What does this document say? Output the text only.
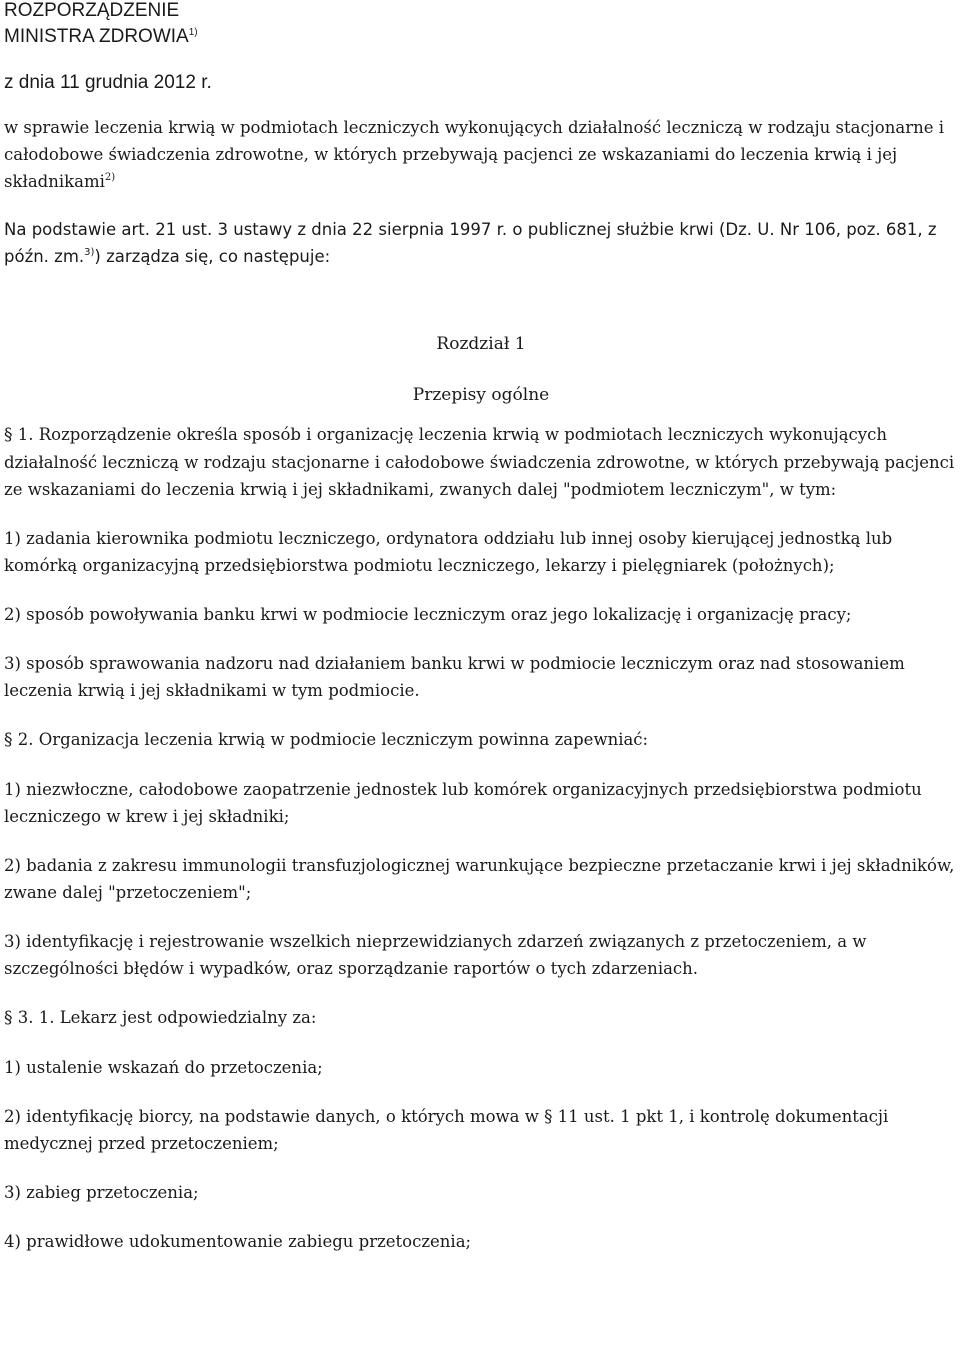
ROZPORZĄDZENIE

MINISTRA ZDROWIA$^{1)}$

z dnia 11 grudnia 2012 r.

w sprawie leczenia krwią w podmiotach leczniczych wykonujących działalność leczniczą w rodzaju stacjonarne i całodobowe świadczenia zdrowotne, w których przebywają pacjenci ze wskazaniami do leczenia krwią i jej składnikami$^{2)}$

Na podstawie art. 21 ust. 3 ustawy z dnia 22 sierpnia 1997 r. o publicznej służbie krwi (Dz. U. Nr 106, poz. 681, z późn. zm.$^{3)}$) zarządza się, co następuje:

Rozdział 1

Przepisy ogólne

§ 1. Rozporządzenie określa sposób i organizację leczenia krwią w podmiotach leczniczych wykonujących działalność leczniczą w rodzaju stacjonarne i całodobowe świadczenia zdrowotne, w których przebywają pacjenci ze wskazaniami do leczenia krwią i jej składnikami, zwanych dalej "podmiotem leczniczym", w tym:

1) zadania kierownika podmiotu leczniczego, ordynatora oddziału lub innej osoby kierującej jednostką lub komórką organizacyjną przedsiębiorstwa podmiotu leczniczego, lekarzy i pielęgniarek (położnych);

2) sposób powoływania banku krwi w podmiocie leczniczym oraz jego lokalizację i organizację pracy;

3) sposób sprawowania nadzoru nad działaniem banku krwi w podmiocie leczniczym oraz nad stosowaniem leczenia krwią i jej składnikami w tym podmiocie.

§ 2. Organizacja leczenia krwią w podmiocie leczniczym powinna zapewniać:

1) niezwłoczne, całodobowe zaopatrzenie jednostek lub komórek organizacyjnych przedsiębiorstwa podmiotu leczniczego w krew i jej składniki;

2) badania z zakresu immunologii transfuzjologicznej warunkujące bezpieczne przetaczanie krwi i jej składników, zwane dalej "przetoczeniem";

3) identyfikację i rejestrowanie wszelkich nieprzewidzianych zdarzeń związanych z przetoczeniem, a w szczególności błędów i wypadków, oraz sporządzanie raportów o tych zdarzeniach.

§ 3. 1. Lekarz jest odpowiedzialny za:

1) ustalenie wskazań do przetoczenia;

2) identyfikację biorcy, na podstawie danych, o których mowa w § 11 ust. 1 pkt 1, i kontrolę dokumentacji medycznej przed przetoczeniem;

3) zabieg przetoczenia;

4) prawidłowe udokumentowanie zabiegu przetoczenia;
